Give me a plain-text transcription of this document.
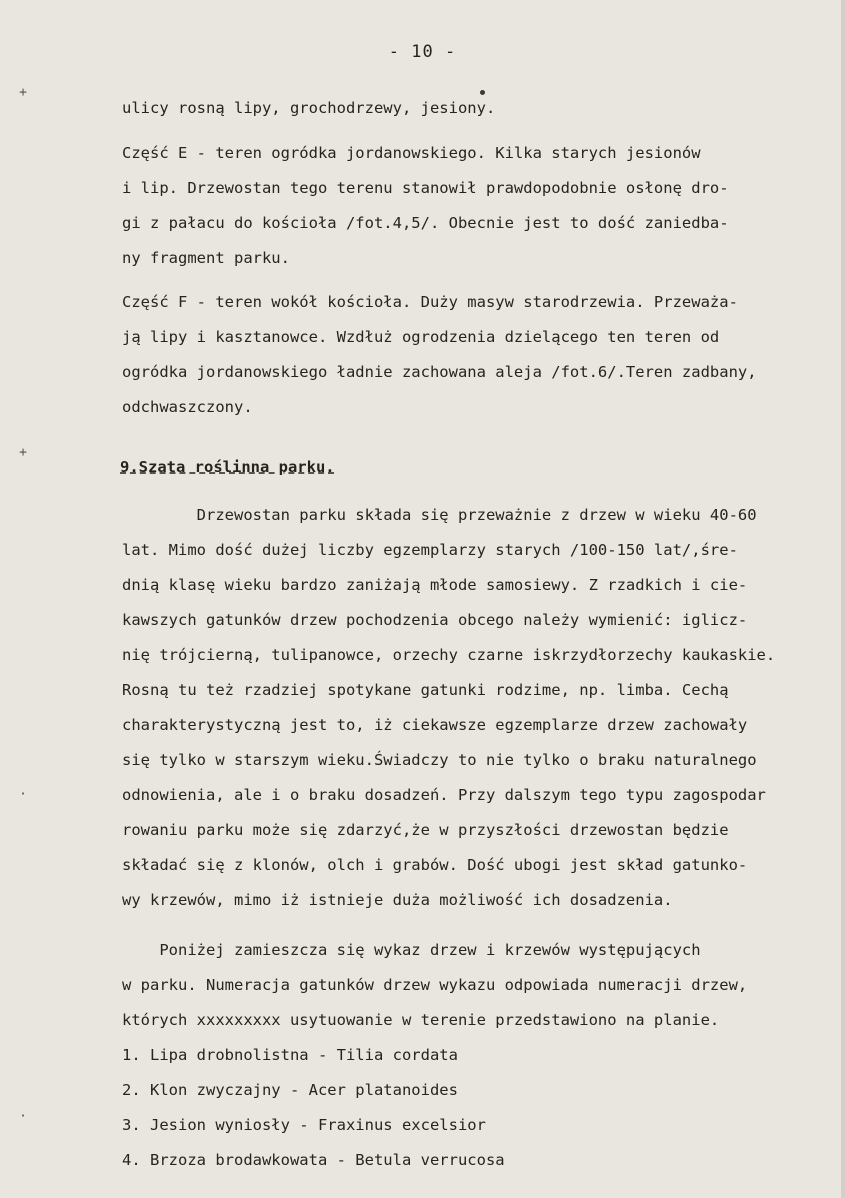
+
+
·
·
- 10 -
ulicy rosną lipy, grochodrzewy, jesiony.
Część E - teren ogródka jordanowskiego. Kilka starych jesionów
i lip. Drzewostan tego terenu stanowił prawdopodobnie osłonę dro-
gi z pałacu do kościoła /fot.4,5/. Obecnie jest to dość zaniedba-
ny fragment parku.
Część F - teren wokół kościoła. Duży masyw starodrzewia. Przeważa-
ją lipy i kasztanowce. Wzdłuż ogrodzenia dzielącego ten teren od
ogródka jordanowskiego ładnie zachowana aleja /fot.6/.Teren zadbany,
odchwaszczony.
9.Szata roślinna parku.
Drzewostan parku składa się przeważnie z drzew w wieku 40-60
lat. Mimo dość dużej liczby egzemplarzy starych /100-150 lat/,śre-
dnią klasę wieku bardzo zaniżają młode samosiewy. Z rzadkich i cie-
kawszych gatunków drzew pochodzenia obcego należy wymienić: iglicz-
nię trójcierną, tulipanowce, orzechy czarne iskrzydłorzechy kaukaskie.
Rosną tu też rzadziej spotykane gatunki rodzime, np. limba. Cechą
charakterystyczną jest to, iż ciekawsze egzemplarze drzew zachowały
się tylko w starszym wieku.Świadczy to nie tylko o braku naturalnego
odnowienia, ale i o braku dosadzeń. Przy dalszym tego typu zagospodar
rowaniu parku może się zdarzyć,że w przyszłości drzewostan będzie
składać się z klonów, olch i grabów. Dość ubogi jest skład gatunko-
wy krzewów, mimo iż istnieje duża możliwość ich dosadzenia.
Poniżej zamieszcza się wykaz drzew i krzewów występujących
w parku. Numeracja gatunków drzew wykazu odpowiada numeracji drzew,
których xxxxxxxxx usytuowanie w terenie przedstawiono na planie.
1. Lipa drobnolistna - Tilia cordata
2. Klon zwyczajny - Acer platanoides
3. Jesion wyniosły - Fraxinus excelsior
4. Brzoza brodawkowata - Betula verrucosa
